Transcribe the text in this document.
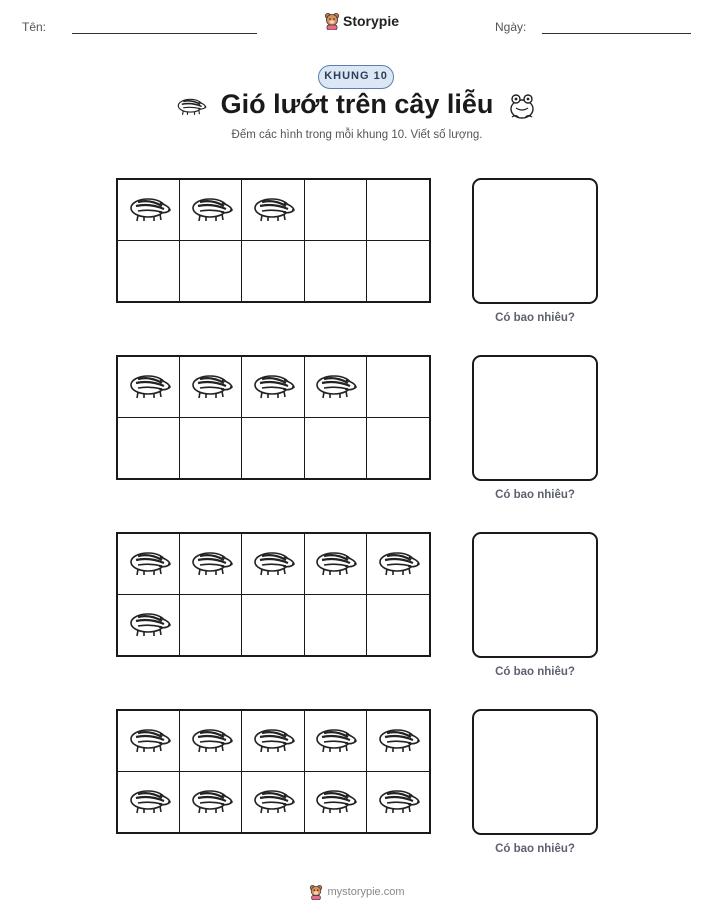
Tên:	Storypie	Ngày:
KHUNG 10
Gió lướt trên cây liễu
Đếm các hình trong mỗi khung 10. Viết số lượng.
Có bao nhiêu?
Có bao nhiêu?
Có bao nhiêu?
Có bao nhiêu?
mystorypie.com
